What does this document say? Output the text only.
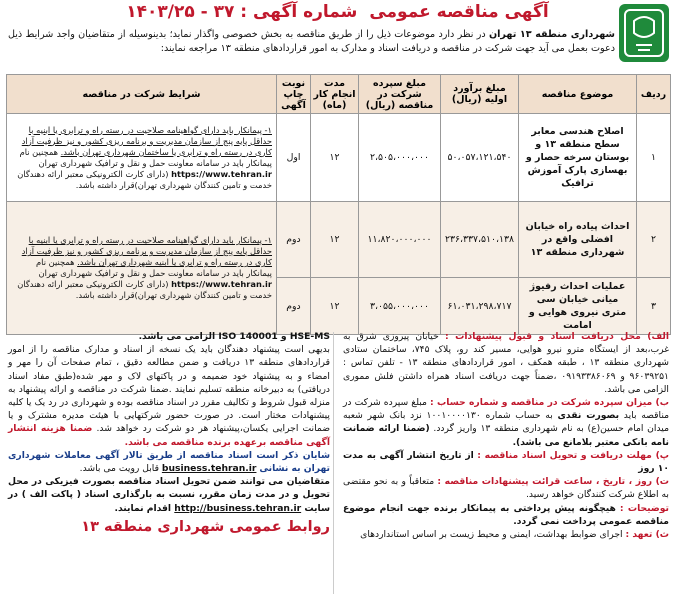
آگهی مناقصه عمومی شماره آگهی : ۳۷ - ۱۴۰۳/۲۵
شهرداری منطقه ۱۳ تهران در نظر دارد موضوعات ذیل را از طریق مناقصه به بخش خصوصی واگذار نماید؛ بدینوسیله از متقاضیان واجد شرایط ذیل دعوت بعمل می آید جهت شرکت در مناقصه و دریافت اسناد و مدارک به امور قراردادهای منطقه ۱۳ مراجعه نمایند:
ردیف	موضوع مناقصه	مبلغ برآورد اولیه (ریال)	مبلغ سپرده شرکت در مناقصه (ریال)	مدت انجام کار (ماه)	نوبت چاپ آگهی	شرایط شرکت در مناقصه
۱	اصلاح هندسی معابر سطح منطقه ۱۳ و بوستان سرخه حصار و بهسازی پارک آموزش ترافیک	۵۰،۰۵۷،۱۲۱،۵۴۰	۲،۵۰۵،۰۰۰،۰۰۰	۱۲	اول	۱- پیمانکار باید دارای گواهینامه صلاحیت در رسته راه و ترابری یا ابنیه با حداقل پایه پنج از سازمان مدیریت و برنامه ریزی کشور و نیز ظرفیت آزاد کاری در رسته راه و ترابری یا ساختمان شهرداری تهران باشد. همچنین نام پیمانکار باید در سامانه معاونت حمل و نقل و ترافیک شهرداری تهران https://www.tehran.ir (دارای کارت الکترونیکی معتبر ارائه دهندگان خدمت و تامین کنندگان شهرداری تهران)قرار داشته باشد.
۲	احداث پیاده راه خیابان افضلی واقع در شهرداری منطقه ۱۳	۲۳۶،۳۳۷،۵۱۰،۱۳۸	۱۱،۸۲۰،۰۰۰،۰۰۰	۱۲	دوم	۱- پیمانکار باید دارای گواهینامه صلاحیت در رسته راه و ترابری یا ابنیه با حداقل پایه پنج از سازمان مدیریت و برنامه ریزی کشور و نیز ظرفیت آزاد کاری در رسته راه و ترابری یا ابنیه شهرداری تهران باشد. همچنین نام پیمانکار باید در سامانه معاونت حمل و نقل و ترافیک شهرداری تهران https://www.tehran.ir (دارای کارت الکترونیکی معتبر ارائه دهندگان خدمت و تامین کنندگان شهرداری تهران)قرار داشته باشد.
۳	عملیات احداث رفیوژ میانی خیابان سی متری نیروی هوایی و امامت	۶۱،۰۳۱،۲۹۸،۷۱۷	۳،۰۵۵،۰۰۰،۰۰۰	۱۲	دوم	
الف) محل دریافت اسناد و قبول پیشنهادات : خیابان پیروزی شرق به غرب،بعد از ایستگاه مترو نیرو هوایی، مسیر کند رو، پلاک ۷۴۵، ساختمان ستادی شهرداری منطقه ۱۳ ، طبقه همکف ، امور قراردادهای منطقه ۱۳ - تلفن تماس : ۹۶۰۳۹۲۵۱ و ۰۹۱۹۳۳۸۶۰۶۹ ،ضمناً جهت دریافت اسناد همراه داشتن فلش مموری الزامی می باشد.
ب) میزان سپرده شرکت در مناقصه و شماره حساب : مبلغ سپرده شرکت در مناقصه باید بصورت نقدی به حساب شماره ۱۰۰۱۰۰۰۰۱۳۰ نزد بانک شهر شعبه میدان امام حسین(ع) به نام شهرداری منطقه ۱۳ واریز گردد. (ضمنا ارائه ضمانت نامه بانکی معتبر بلامانع می باشد).
پ) مهلت دریافت و تحویل اسناد مناقصه : از تاریخ انتشار آگهی به مدت ۱۰ روز
ت) روز ، تاریخ ، ساعت قرائت پیشنهادات مناقصه : متعاقباً و به نحو مقتضی به اطلاع شرکت کنندگان خواهد رسید.
توضیحات : هیچگونه پیش پرداختی به پیمانکار برنده جهت انجام موضوع مناقصه عمومی پرداخت نمی گردد.
ث) تعهد : اجرای ضوابط بهداشت، ایمنی و محیط زیست بر اساس استانداردهای
HSE-MS و ISO 140001 الزامی می باشد.
بدیهی است پیشنهاد دهندگان باید یک نسخه از اسناد و مدارک مناقصه را از امور قراردادهای منطقه ۱۳ دریافت و ضمن مطالعه دقیق ، تمام صفحات آن را مهر و امضاء و به پیشنهاد خود ضمیمه و در پاکتهای لاک و مهر شده(طبق مفاد اسناد دریافتی) به دبیرخانه منطقه تسلیم نمایند .ضمنا شرکت در مناقصه و ارائه پیشنهاد به منزله قبول شروط و تکالیف مقرر در اسناد مناقصه بوده و شهرداری در رد یک یا کلیه پیشنهادات مختار است. در صورت حضور شرکتهایی با هیئت مدیره مشترک و یا ضمانت اجرایی یکسان،پیشنهاد هر دو شرکت رد خواهد شد. ضمنا هزینه انتشار آگهی مناقصه برعهده برنده مناقصه می باشد.
شایان ذکر است اسناد مناقصه از طریق تالار آگهی معاملات شهرداری تهران به نشانی business.tehran.ir قابل رویت می باشد.
متقاضیان می توانند ضمن تحویل اسناد مناقصه بصورت فیزیکی در محل تحویل و در مدت زمان مقرر، نسبت به بارگذاری اسناد ( پاکت الف ) در سایت http://business.tehran.ir اقدام نمایند.
روابط عمومی شهرداری منطقه ۱۳
